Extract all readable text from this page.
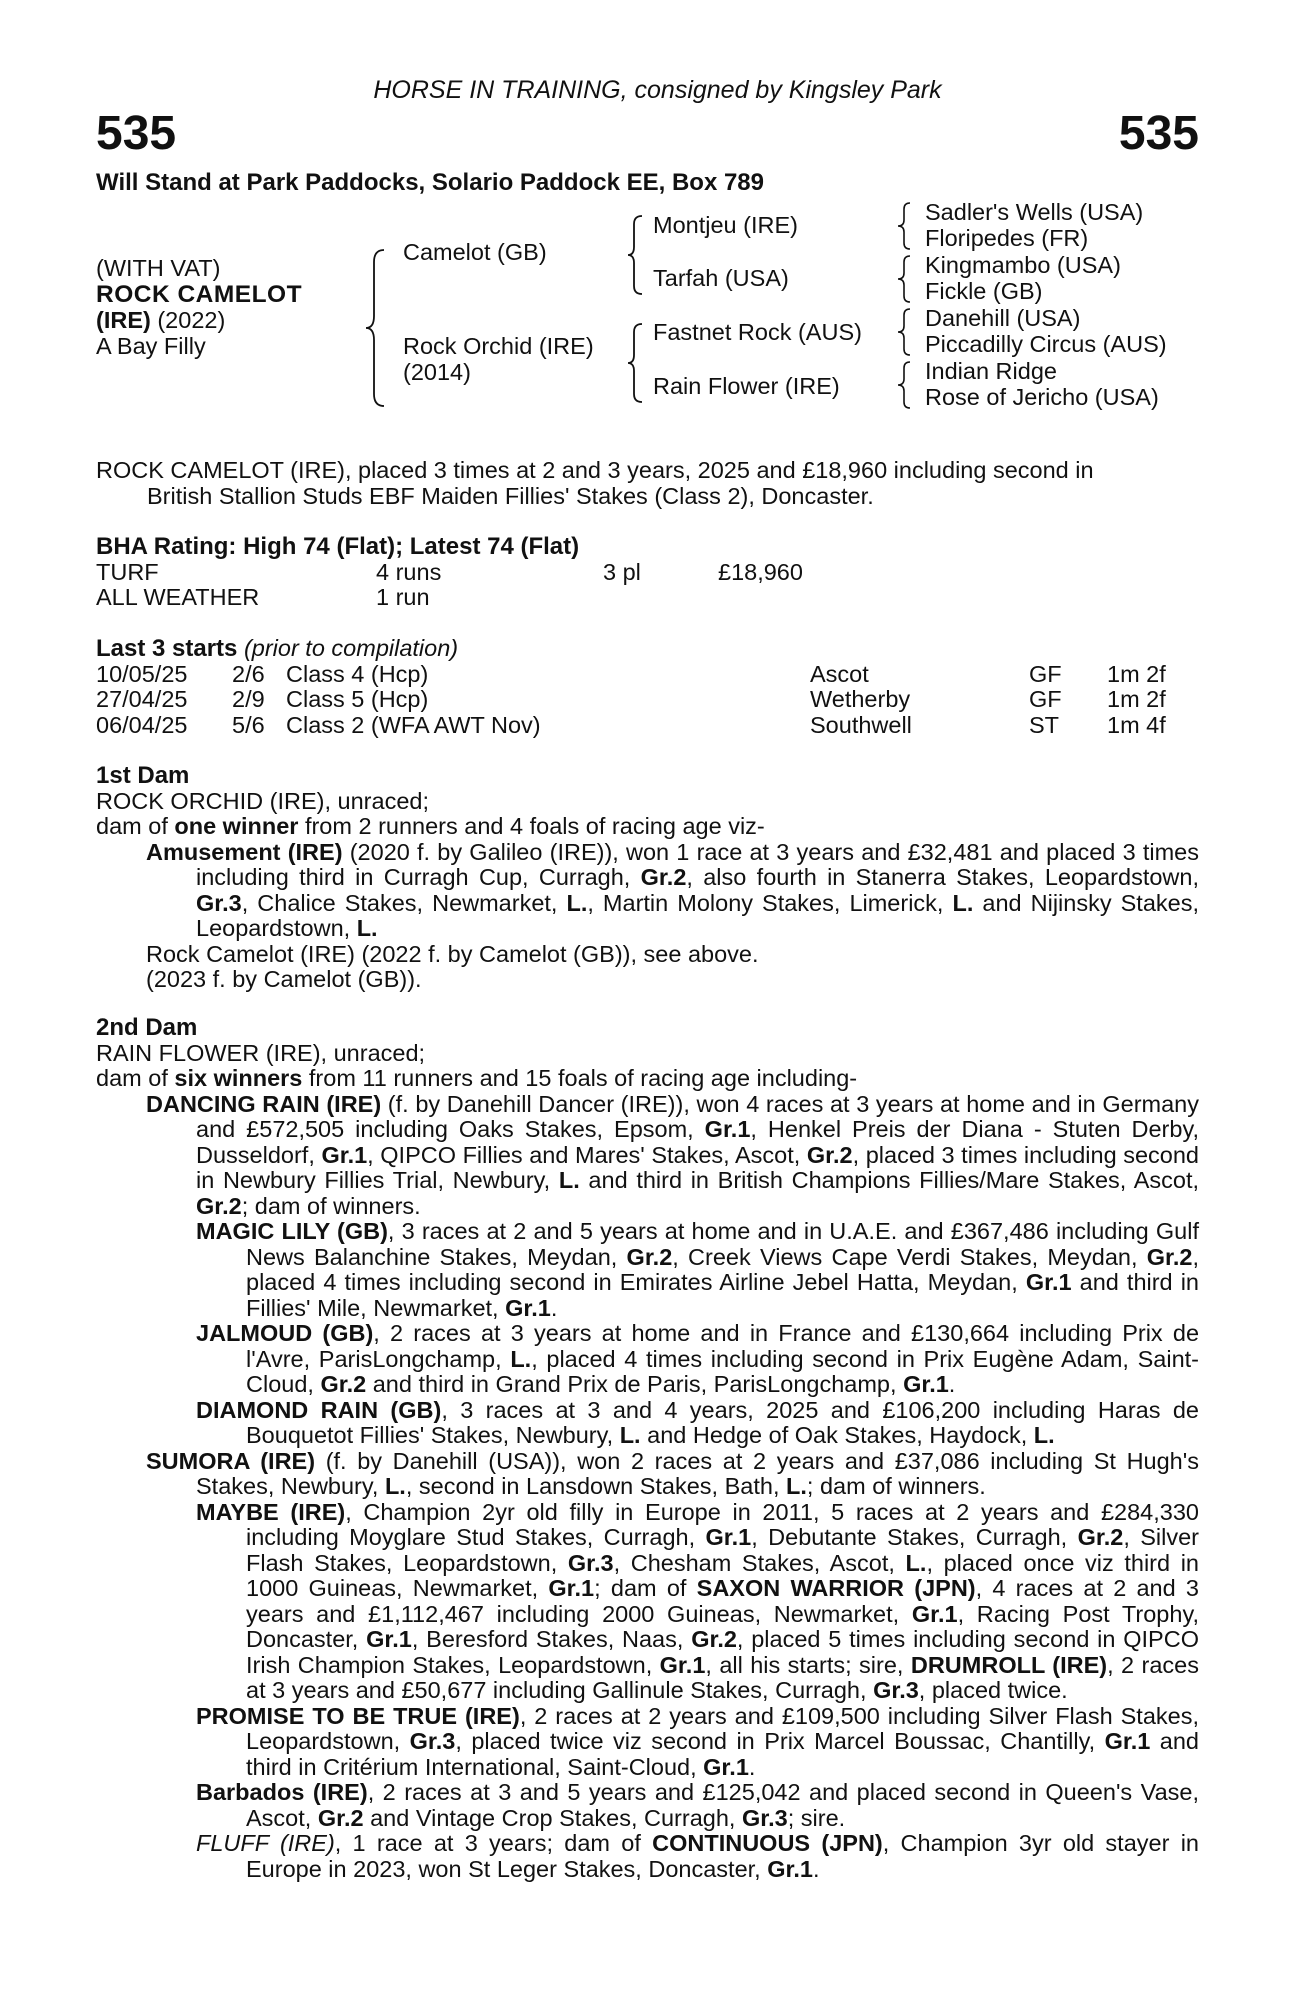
HORSE IN TRAINING, consigned by Kingsley Park
535	535
Will Stand at Park Paddocks, Solario Paddock EE, Box 789
(WITH VAT)
ROCK CAMELOT
(IRE) (2022)
A Bay Filly
Camelot (GB)
Rock Orchid (IRE)
(2014)
Montjeu (IRE)
Tarfah (USA)
Fastnet Rock (AUS)
Rain Flower (IRE)
Sadler's Wells (USA)
Floripedes (FR)
Kingmambo (USA)
Fickle (GB)
Danehill (USA)
Piccadilly Circus (AUS)
Indian Ridge
Rose of Jericho (USA)
ROCK CAMELOT (IRE), placed 3 times at 2 and 3 years, 2025 and £18,960 including second in
British Stallion Studs EBF Maiden Fillies' Stakes (Class 2), Doncaster.
BHA Rating: High 74 (Flat); Latest 74 (Flat)
TURF	4 runs	3 pl	£18,960
ALL WEATHER	1 run
Last 3 starts (prior to compilation)
10/05/25 2/6 Class 4 (Hcp)	Ascot	GF 1m 2f
27/04/25 2/9 Class 5 (Hcp)	Wetherby	GF 1m 2f
06/04/25 5/6 Class 2 (WFA AWT Nov)	Southwell	ST 1m 4f
1st Dam
ROCK ORCHID (IRE), unraced;
dam of one winner from 2 runners and 4 foals of racing age viz-

Amusement (IRE) (2020 f. by Galileo (IRE)), won 1 race at 3 years and £32,481 and placed 3 times including third in Curragh Cup, Curragh, Gr.2, also fourth in Stanerra Stakes, Leopardstown, Gr.3, Chalice Stakes, Newmarket, L., Martin Molony Stakes, Limerick, L. and Nijinsky Stakes, Leopardstown, L.

Rock Camelot (IRE) (2022 f. by Camelot (GB)), see above.
(2023 f. by Camelot (GB)).
2nd Dam
RAIN FLOWER (IRE), unraced;
dam of six winners from 11 runners and 15 foals of racing age including-

DANCING RAIN (IRE) (f. by Danehill Dancer (IRE)), won 4 races at 3 years at home and in Germany and £572,505 including Oaks Stakes, Epsom, Gr.1, Henkel Preis der Diana - Stuten Derby, Dusseldorf, Gr.1, QIPCO Fillies and Mares' Stakes, Ascot, Gr.2, placed 3 times including second in Newbury Fillies Trial, Newbury, L. and third in British Champions Fillies/Mare Stakes, Ascot, Gr.2; dam of winners.

MAGIC LILY (GB), 3 races at 2 and 5 years at home and in U.A.E. and £367,486 including Gulf News Balanchine Stakes, Meydan, Gr.2, Creek Views Cape Verdi Stakes, Meydan, Gr.2, placed 4 times including second in Emirates Airline Jebel Hatta, Meydan, Gr.1 and third in Fillies' Mile, Newmarket, Gr.1.

JALMOUD (GB), 2 races at 3 years at home and in France and £130,664 including Prix de l'Avre, ParisLongchamp, L., placed 4 times including second in Prix Eugène Adam, Saint-Cloud, Gr.2 and third in Grand Prix de Paris, ParisLongchamp, Gr.1.

DIAMOND RAIN (GB), 3 races at 3 and 4 years, 2025 and £106,200 including Haras de Bouquetot Fillies' Stakes, Newbury, L. and Hedge of Oak Stakes, Haydock, L.

SUMORA (IRE) (f. by Danehill (USA)), won 2 races at 2 years and £37,086 including St Hugh's Stakes, Newbury, L., second in Lansdown Stakes, Bath, L.; dam of winners.

MAYBE (IRE), Champion 2yr old filly in Europe in 2011, 5 races at 2 years and £284,330 including Moyglare Stud Stakes, Curragh, Gr.1, Debutante Stakes, Curragh, Gr.2, Silver Flash Stakes, Leopardstown, Gr.3, Chesham Stakes, Ascot, L., placed once viz third in 1000 Guineas, Newmarket, Gr.1; dam of SAXON WARRIOR (JPN), 4 races at 2 and 3 years and £1,112,467 including 2000 Guineas, Newmarket, Gr.1, Racing Post Trophy, Doncaster, Gr.1, Beresford Stakes, Naas, Gr.2, placed 5 times including second in QIPCO Irish Champion Stakes, Leopardstown, Gr.1, all his starts; sire, DRUMROLL (IRE), 2 races at 3 years and £50,677 including Gallinule Stakes, Curragh, Gr.3, placed twice.

PROMISE TO BE TRUE (IRE), 2 races at 2 years and £109,500 including Silver Flash Stakes, Leopardstown, Gr.3, placed twice viz second in Prix Marcel Boussac, Chantilly, Gr.1 and third in Critérium International, Saint-Cloud, Gr.1.

Barbados (IRE), 2 races at 3 and 5 years and £125,042 and placed second in Queen's Vase, Ascot, Gr.2 and Vintage Crop Stakes, Curragh, Gr.3; sire.

FLUFF (IRE), 1 race at 3 years; dam of CONTINUOUS (JPN), Champion 3yr old stayer in Europe in 2023, won St Leger Stakes, Doncaster, Gr.1.
